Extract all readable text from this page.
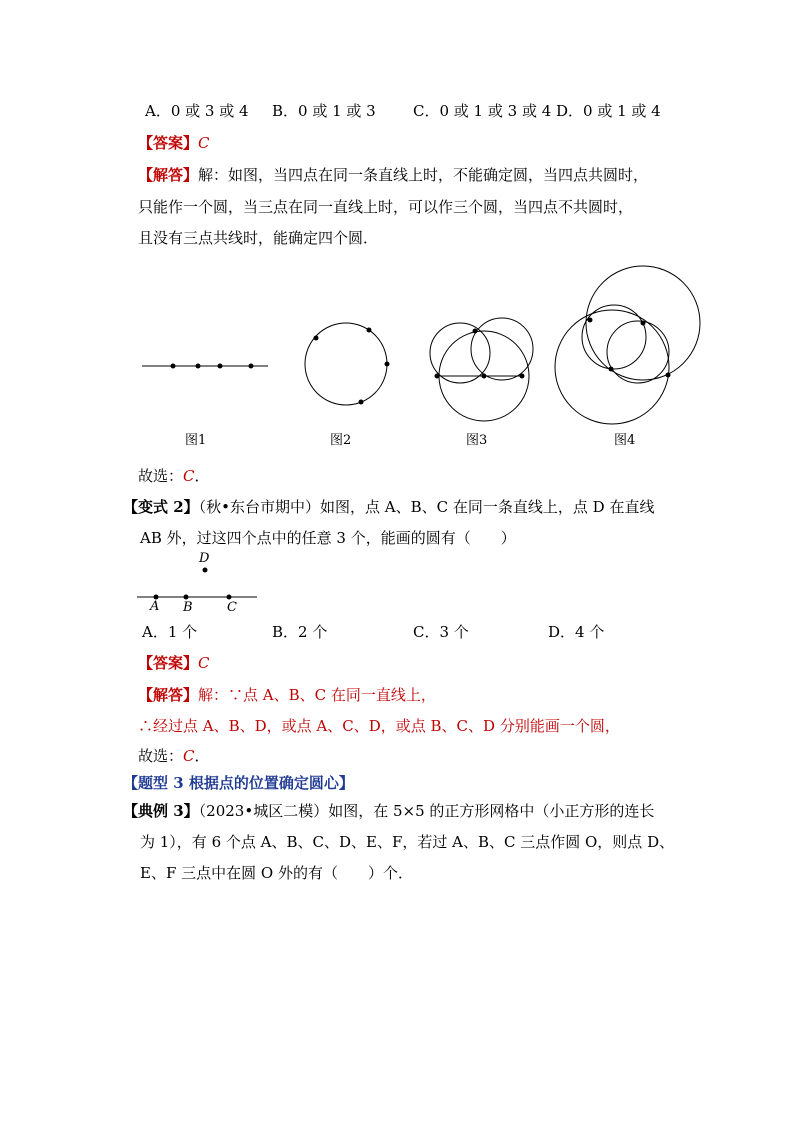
A．0 或 3 或 4 B．0 或 1 或 3 C．0 或 1 或 3 或 4 D．0 或 1 或 4
【答案】C
【解答】解：如图，当四点在同一条直线上时，不能确定圆，当四点共圆时，
只能作一个圆，当三点在同一直线上时，可以作三个圆，当四点不共圆时，
且没有三点共线时，能确定四个圆．
图1	图2	图3	图4
故选：C．
【变式 2】（秋•东台市期中）如图，点 A、B、C 在同一条直线上，点 D 在直线
AB 外，过这四个点中的任意 3 个，能画的圆有（　　）
D
A B	C
A．1 个	B．2 个	C．3 个	D．4 个
【答案】C
【解答】解：∵点 A、B、C 在同一直线上，
∴经过点 A、B、D，或点 A、C、D，或点 B、C、D 分别能画一个圆，
故选：C．
【题型 3 根据点的位置确定圆心】
【典例 3】（2023•城区二模）如图，在 5×5 的正方形网格中（小正方形的连长
为 1），有 6 个点 A、B、C、D、E、F，若过 A、B、C 三点作圆 O，则点 D、
E、F 三点中在圆 O 外的有（　　）个．
